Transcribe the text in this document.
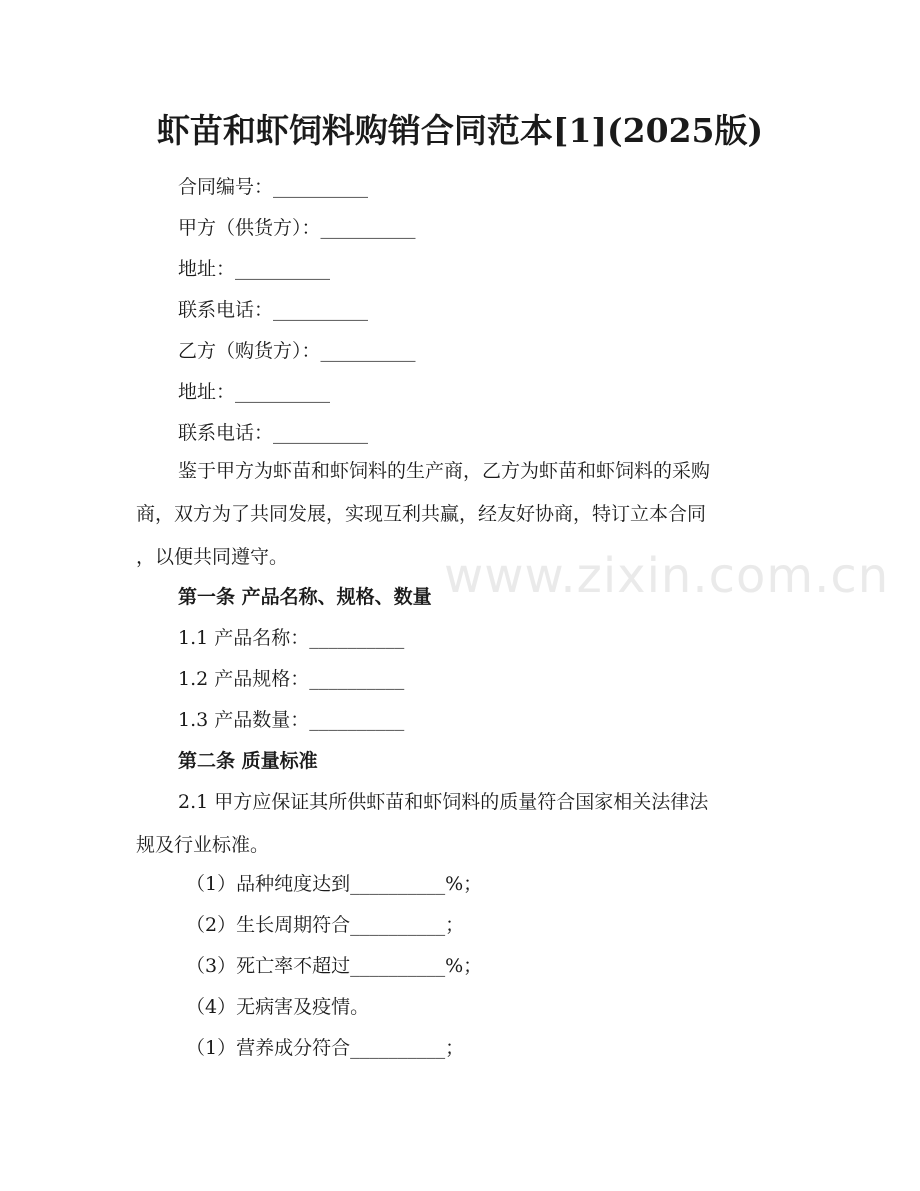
虾苗和虾饲料购销合同范本[1](2025版)

合同编号：__________

甲方（供货方）：__________

地址：__________

联系电话：__________

乙方（购货方）：__________

地址：__________

联系电话：__________

鉴于甲方为虾苗和虾饲料的生产商，乙方为虾苗和虾饲料的采购
商，双方为了共同发展，实现互利共赢，经友好协商，特订立本合同
，以便共同遵守。

第一条 产品名称、规格、数量

1.1 产品名称：__________

1.2 产品规格：__________

1.3 产品数量：__________

第二条 质量标准

2.1 甲方应保证其所供虾苗和虾饲料的质量符合国家相关法律法
规及行业标准。

（1）品种纯度达到__________%；

（2）生长周期符合__________；

（3）死亡率不超过__________%；

（4）无病害及疫情。

（1）营养成分符合__________；

www.zixin.com.cn
